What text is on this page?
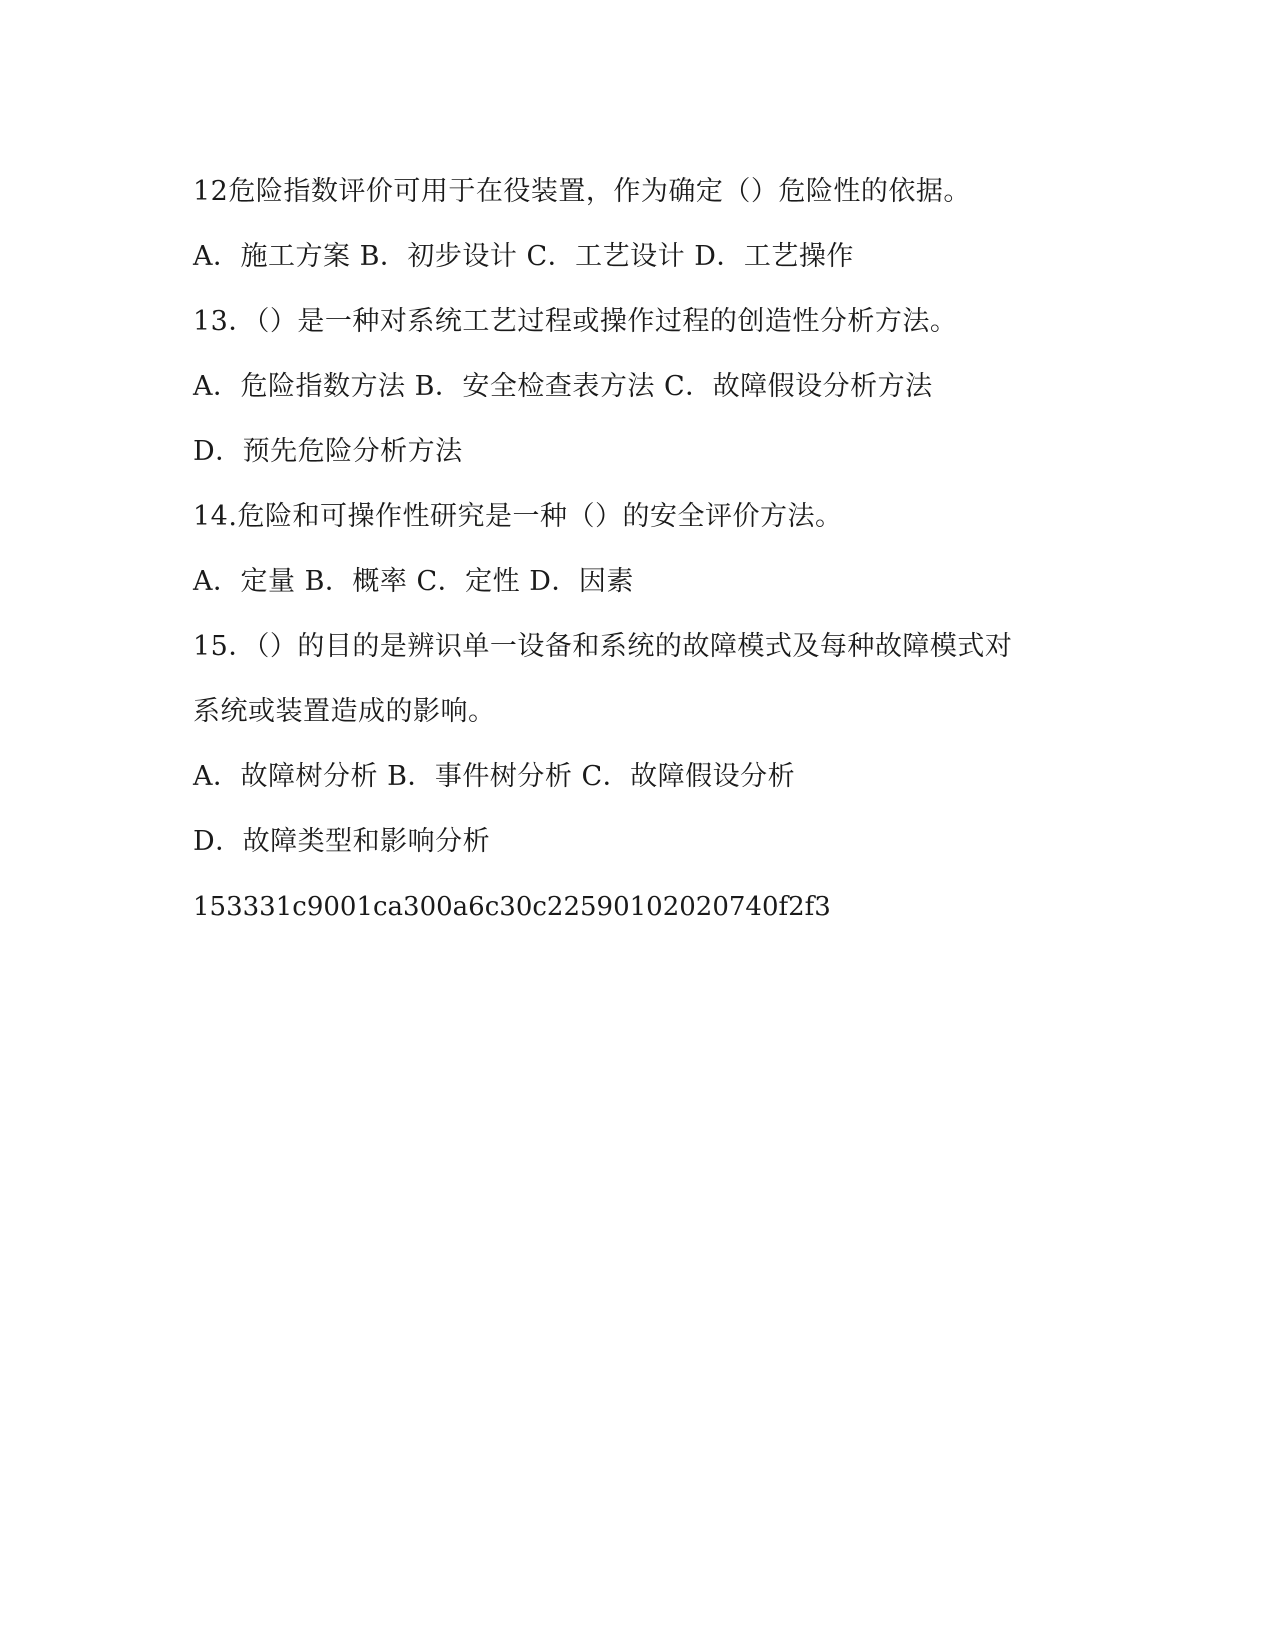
12危险指数评价可用于在役装置，作为确定（）危险性的依据。
A．施工方案 B．初步设计 C．工艺设计 D．工艺操作
13．（）是一种对系统工艺过程或操作过程的创造性分析方法。
A．危险指数方法 B．安全检查表方法 C．故障假设分析方法
D．预先危险分析方法
14.危险和可操作性研究是一种（）的安全评价方法。
A．定量 B．概率 C．定性 D．因素
15．（）的目的是辨识单一设备和系统的故障模式及每种故障模式对
系统或装置造成的影响。
A．故障树分析 B．事件树分析 C．故障假设分析
D．故障类型和影响分析
153331c9001ca300a6c30c22590102020740f2f3
